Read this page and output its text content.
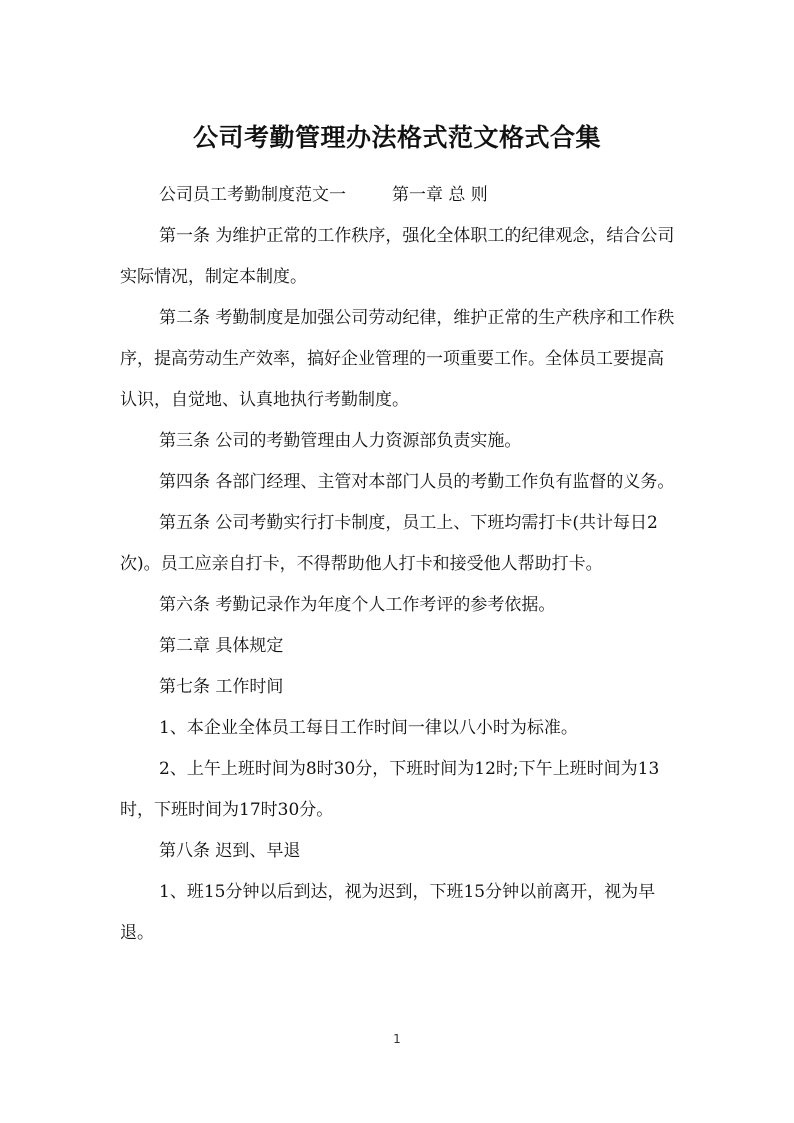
公司考勤管理办法格式范文格式合集

公司员工考勤制度范文一	第一章 总 则

第一条 为维护正常的工作秩序，强化全体职工的纪律观念，结合公司实际情况，制定本制度。

第二条 考勤制度是加强公司劳动纪律，维护正常的生产秩序和工作秩序，提高劳动生产效率，搞好企业管理的一项重要工作。全体员工要提高认识，自觉地、认真地执行考勤制度。

第三条 公司的考勤管理由人力资源部负责实施。

第四条 各部门经理、主管对本部门人员的考勤工作负有监督的义务。

第五条 公司考勤实行打卡制度，员工上、下班均需打卡(共计每日2次)。员工应亲自打卡，不得帮助他人打卡和接受他人帮助打卡。

第六条 考勤记录作为年度个人工作考评的参考依据。

第二章 具体规定

第七条 工作时间

1、本企业全体员工每日工作时间一律以八小时为标准。

2、上午上班时间为8时30分，下班时间为12时;下午上班时间为13时，下班时间为17时30分。

第八条 迟到、早退

1、班15分钟以后到达，视为迟到，下班15分钟以前离开，视为早退。

1
